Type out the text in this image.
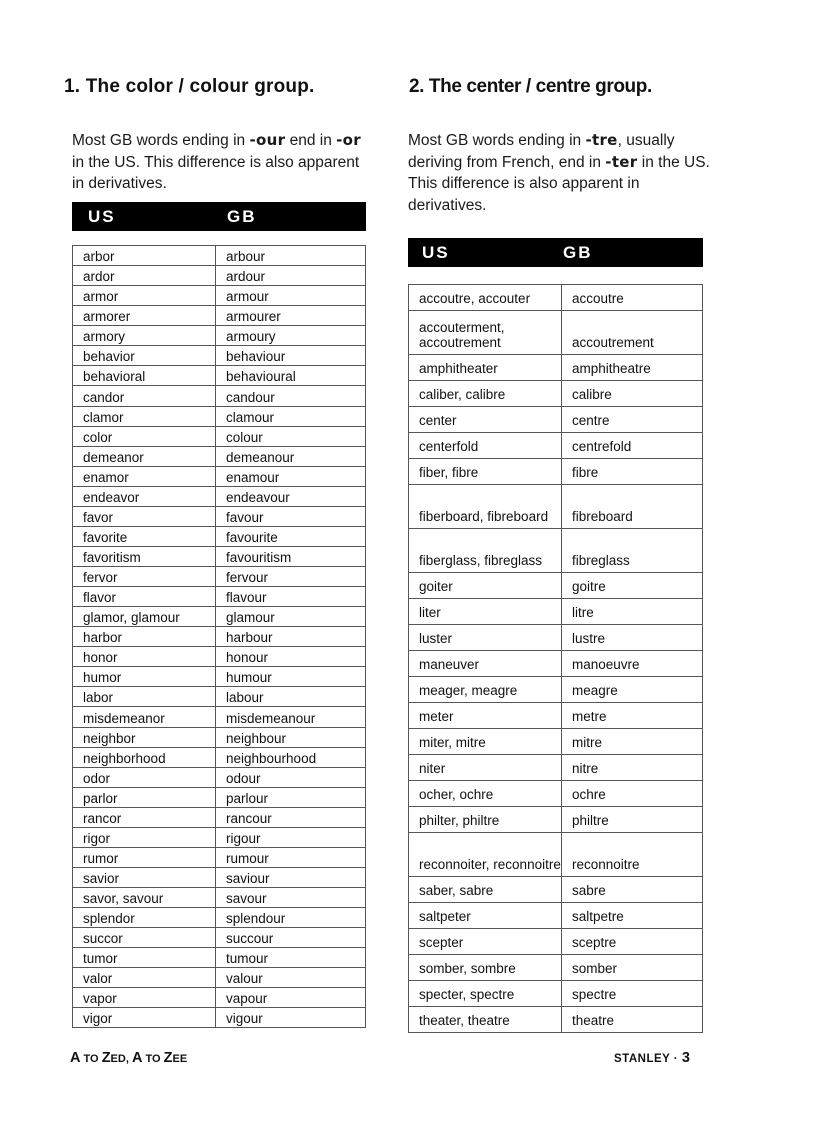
1. The color / colour group.
Most GB words ending in -our end in -or in the US. This difference is also apparent in derivatives.
US	GB
arbor	arbour
ardor	ardour
armor	armour
armorer	armourer
armory	armoury
behavior	behaviour
behavioral	behavioural
candor	candour
clamor	clamour
color	colour
demeanor	demeanour
enamor	enamour
endeavor	endeavour
favor	favour
favorite	favourite
favoritism	favouritism
fervor	fervour
flavor	flavour
glamor, glamour	glamour
harbor	harbour
honor	honour
humor	humour
labor	labour
misdemeanor	misdemeanour
neighbor	neighbour
neighborhood	neighbourhood
odor	odour
parlor	parlour
rancor	rancour
rigor	rigour
rumor	rumour
savior	saviour
savor, savour	savour
splendor	splendour
succor	succour
tumor	tumour
valor	valour
vapor	vapour
vigor	vigour
2. The center / centre group.
Most GB words ending in -tre, usually deriving from French, end in -ter in the US. This difference is also apparent in derivatives.
US	GB
accoutre, accouter	accoutre
accouterment, accoutrement	accoutrement
amphitheater	amphitheatre
caliber, calibre	calibre
center	centre
centerfold	centrefold
fiber, fibre	fibre
fiberboard, fibreboard	fibreboard
fiberglass, fibreglass	fibreglass
goiter	goitre
liter	litre
luster	lustre
maneuver	manoeuvre
meager, meagre	meagre
meter	metre
miter, mitre	mitre
niter	nitre
ocher, ochre	ochre
philter, philtre	philtre
reconnoiter, reconnoitre	reconnoitre
saber, sabre	sabre
saltpeter	saltpetre
scepter	sceptre
somber, sombre	somber
specter, spectre	spectre
theater, theatre	theatre
A TO ZED, A TO ZEE	STANLEY · 3
